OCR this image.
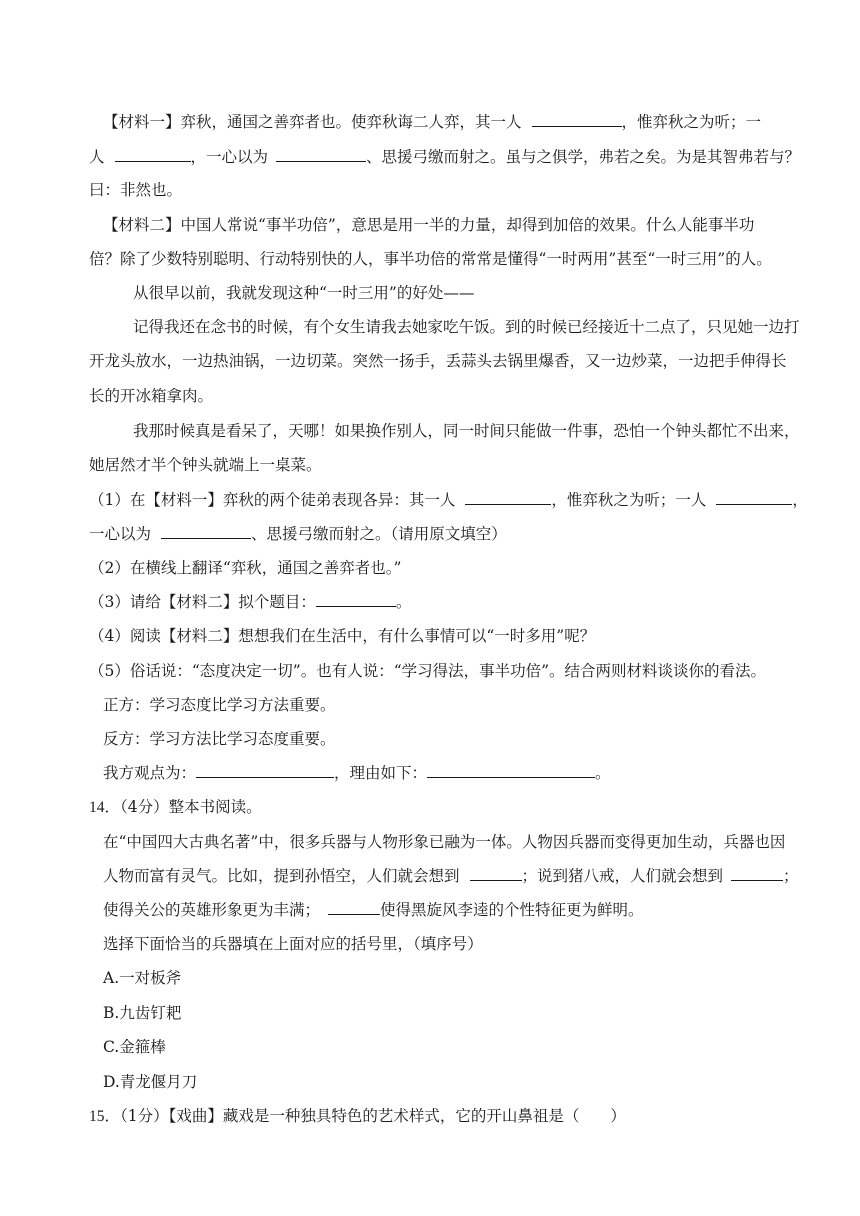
【材料一】弈秋，通国之善弈者也。使弈秋诲二人弈，其一人	，惟弈秋之为听；一
人	，一心以为	、思援弓缴而射之。虽与之俱学，弗若之矣。为是其智弗若与？
曰：非然也。
【材料二】中国人常说“事半功倍”，意思是用一半的力量，却得到加倍的效果。什么人能事半功
倍？除了少数特别聪明、行动特别快的人，事半功倍的常常是懂得“一时两用”甚至“一时三用”的人。
从很早以前，我就发现这种“一时三用”的好处——
记得我还在念书的时候，有个女生请我去她家吃午饭。到的时候已经接近十二点了，只见她一边打
开龙头放水，一边热油锅，一边切菜。突然一扬手，丢蒜头去锅里爆香，又一边炒菜，一边把手伸得长
长的开冰箱拿肉。
我那时候真是看呆了，天哪！如果换作别人，同一时间只能做一件事，恐怕一个钟头都忙不出来，
她居然才半个钟头就端上一桌菜。
（1）在【材料一】弈秋的两个徒弟表现各异：其一人	，惟弈秋之为听；一人	，
一心以为	、思援弓缴而射之。（请用原文填空）
（2）在横线上翻译“弈秋，通国之善弈者也。”
（3）请给【材料二】拟个题目：	。
（4）阅读【材料二】想想我们在生活中，有什么事情可以“一时多用”呢？
（5）俗话说：“态度决定一切”。也有人说：“学习得法，事半功倍”。结合两则材料谈谈你的看法。
正方：学习态度比学习方法重要。
反方：学习方法比学习态度重要。
我方观点为：	，理由如下：	。
14．（4分）整本书阅读。
在“中国四大古典名著”中，很多兵器与人物形象已融为一体。人物因兵器而变得更加生动，兵器也因
人物而富有灵气。比如，提到孙悟空，人们就会想到	；说到猪八戒，人们就会想到	；
使得关公的英雄形象更为丰满；	使得黑旋风李逵的个性特征更为鲜明。
选择下面恰当的兵器填在上面对应的括号里，（填序号）
A.一对板斧
B.九齿钉耙
C.金箍棒
D.青龙偃月刀
15．（1分）【戏曲】藏戏是一种独具特色的艺术样式，它的开山鼻祖是（　　）
